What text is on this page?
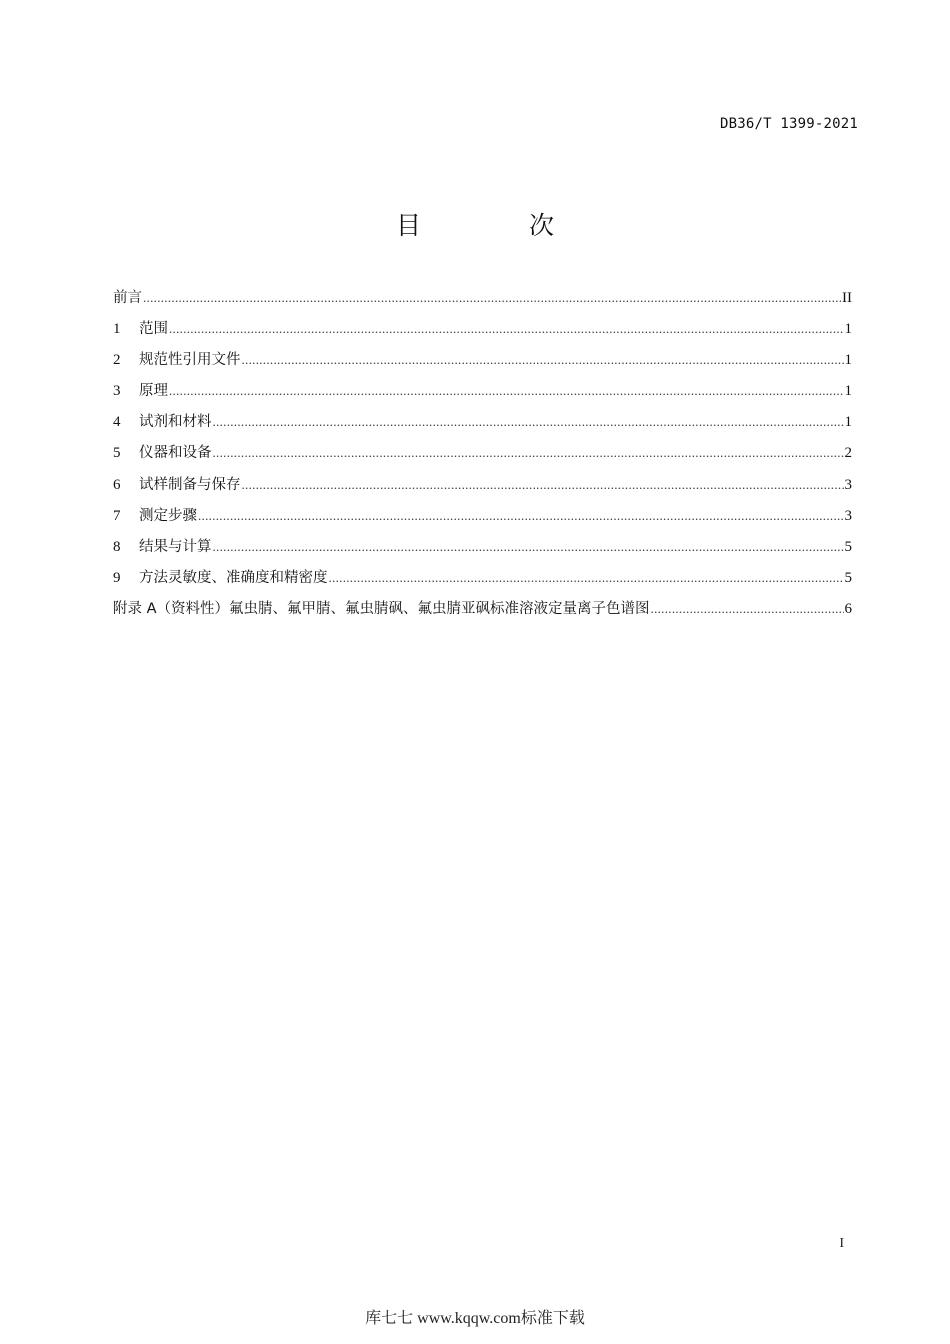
DB36/T 1399-2021
目 次
前言 .....	II
1	范围 .....	1
2	规范性引用文件 .....	1
3	原理 .....	1
4	试剂和材料 .....	1
5	仪器和设备 .....	2
6	试样制备与保存 .....	3
7	测定步骤 .....	3
8	结果与计算 .....	5
9	方法灵敏度、准确度和精密度 .....	5
附录 A（资料性）氟虫腈、氟甲腈、氟虫腈砜、氟虫腈亚砜标准溶液定量离子色谱图 .....	6
I
库七七 www.kqqw.com标准下载
